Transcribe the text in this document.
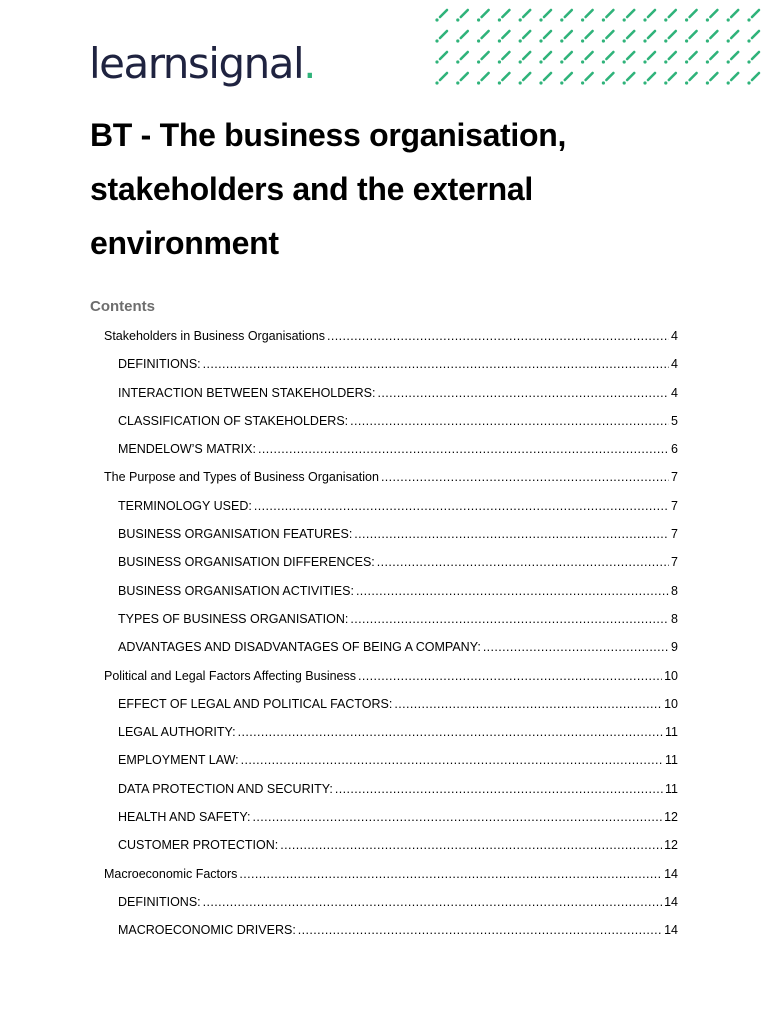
learnsignal.
BT - The business organisation, stakeholders and the external environment
Contents
Stakeholders in Business Organisations .....	4
DEFINITIONS: .....	4
INTERACTION BETWEEN STAKEHOLDERS: .....	4
CLASSIFICATION OF STAKEHOLDERS: .....	5
MENDELOW’S MATRIX: .....	6
The Purpose and Types of Business Organisation .....	7
TERMINOLOGY USED: .....	7
BUSINESS ORGANISATION FEATURES: .....	7
BUSINESS ORGANISATION DIFFERENCES: .....	7
BUSINESS ORGANISATION ACTIVITIES: .....	8
TYPES OF BUSINESS ORGANISATION: .....	8
ADVANTAGES AND DISADVANTAGES OF BEING A COMPANY: .....	9
Political and Legal Factors Affecting Business .....	10
EFFECT OF LEGAL AND POLITICAL FACTORS: .....	10
LEGAL AUTHORITY: .....	11
EMPLOYMENT LAW: .....	11
DATA PROTECTION AND SECURITY: .....	11
HEALTH AND SAFETY: .....	12
CUSTOMER PROTECTION: .....	12
Macroeconomic Factors .....	14
DEFINITIONS: .....	14
MACROECONOMIC DRIVERS: .....	14
